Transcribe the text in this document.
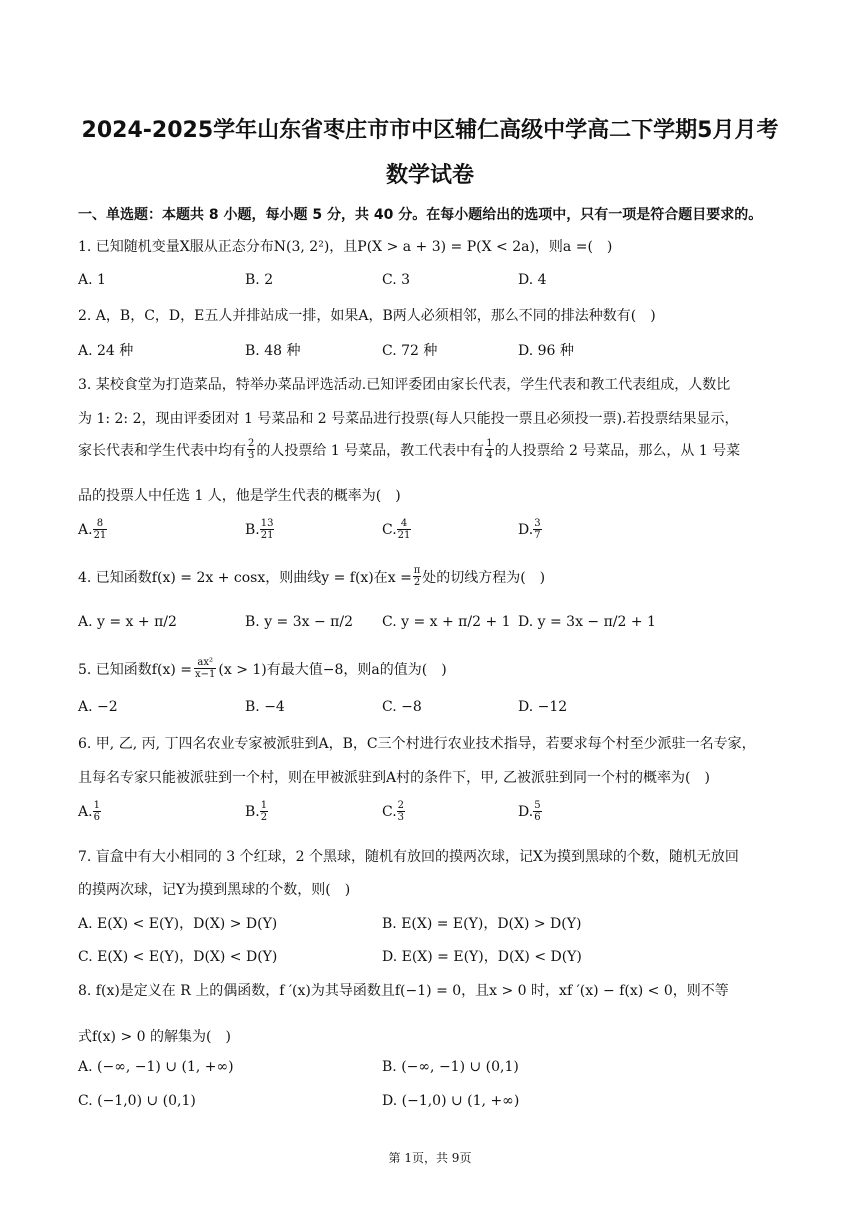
2024-2025学年山东省枣庄市市中区辅仁高级中学高二下学期5月月考
数学试卷
一、单选题：本题共 8 小题，每小题 5 分，共 40 分。在每小题给出的选项中，只有一项是符合题目要求的。
1. 已知随机变量X服从正态分布N(3, 2²)，且P(X > a + 3) = P(X < 2a)，则a =(　)
A. 1	B. 2	C. 3	D. 4
2. A，B，C，D，E五人并排站成一排，如果A，B两人必须相邻，那么不同的排法种数有(　)
A. 24 种	B. 48 种	C. 72 种	D. 96 种
3. 某校食堂为打造菜品，特举办菜品评选活动.已知评委团由家长代表，学生代表和教工代表组成，人数比
为 1: 2: 2，现由评委团对 1 号菜品和 2 号菜品进行投票(每人只能投一票且必须投一票).若投票结果显示，
家长代表和学生代表中均有 $\frac{2}{3}$ 的人投票给 1 号菜品，教工代表中有 $\frac{1}{4}$ 的人投票给 2 号菜品，那么，从 1 号菜
品的投票人中任选 1 人，他是学生代表的概率为(　)
A. $\frac{8}{21}$	B. $\frac{13}{21}$	C. $\frac{4}{21}$	D. $\frac{3}{7}$
4. 已知函数f(x) = 2x + cosx，则曲线y = f(x)在$x = \frac{\pi}{2}$ 处的切线方程为(　)
A. y = x + π/2	B. y = 3x − π/2 C. y = x + π/2 + 1 D. y = 3x − π/2 + 1
5. 已知函数$f(x) = \frac{\text{ax²}}{x-1} (x > 1)$有最大值−8，则a的值为(　)
A. −2	B. −4	C. −8	D. −12
6. 甲, 乙, 丙, 丁四名农业专家被派驻到A，B，C三个村进行农业技术指导，若要求每个村至少派驻一名专家，
且每名专家只能被派驻到一个村，则在甲被派驻到A村的条件下，甲, 乙被派驻到同一个村的概率为(　)
A. $\frac{1}{6}$	B. $\frac{1}{2}$	C. $\frac{2}{3}$	D. $\frac{5}{6}$
7. 盲盒中有大小相同的 3 个红球，2 个黑球，随机有放回的摸两次球，记X为摸到黑球的个数，随机无放回
的摸两次球，记Y为摸到黑球的个数，则(　)
A. E(X) < E(Y)，D(X) > D(Y)	B. E(X) = E(Y)，D(X) > D(Y)
C. E(X) < E(Y)，D(X) < D(Y)	D. E(X) = E(Y)，D(X) < D(Y)
8. f(x)是定义在 R 上的偶函数，f ′(x)为其导函数且f(−1) = 0，且x > 0 时，xf ′(x) − f(x) < 0，则不等
式f(x) > 0 的解集为(　)
A. (−∞, −1) ∪ (1, +∞)	B. (−∞, −1) ∪ (0,1)
C. (−1,0) ∪ (0,1)	D. (−1,0) ∪ (1, +∞)
第 1页，共 9页
